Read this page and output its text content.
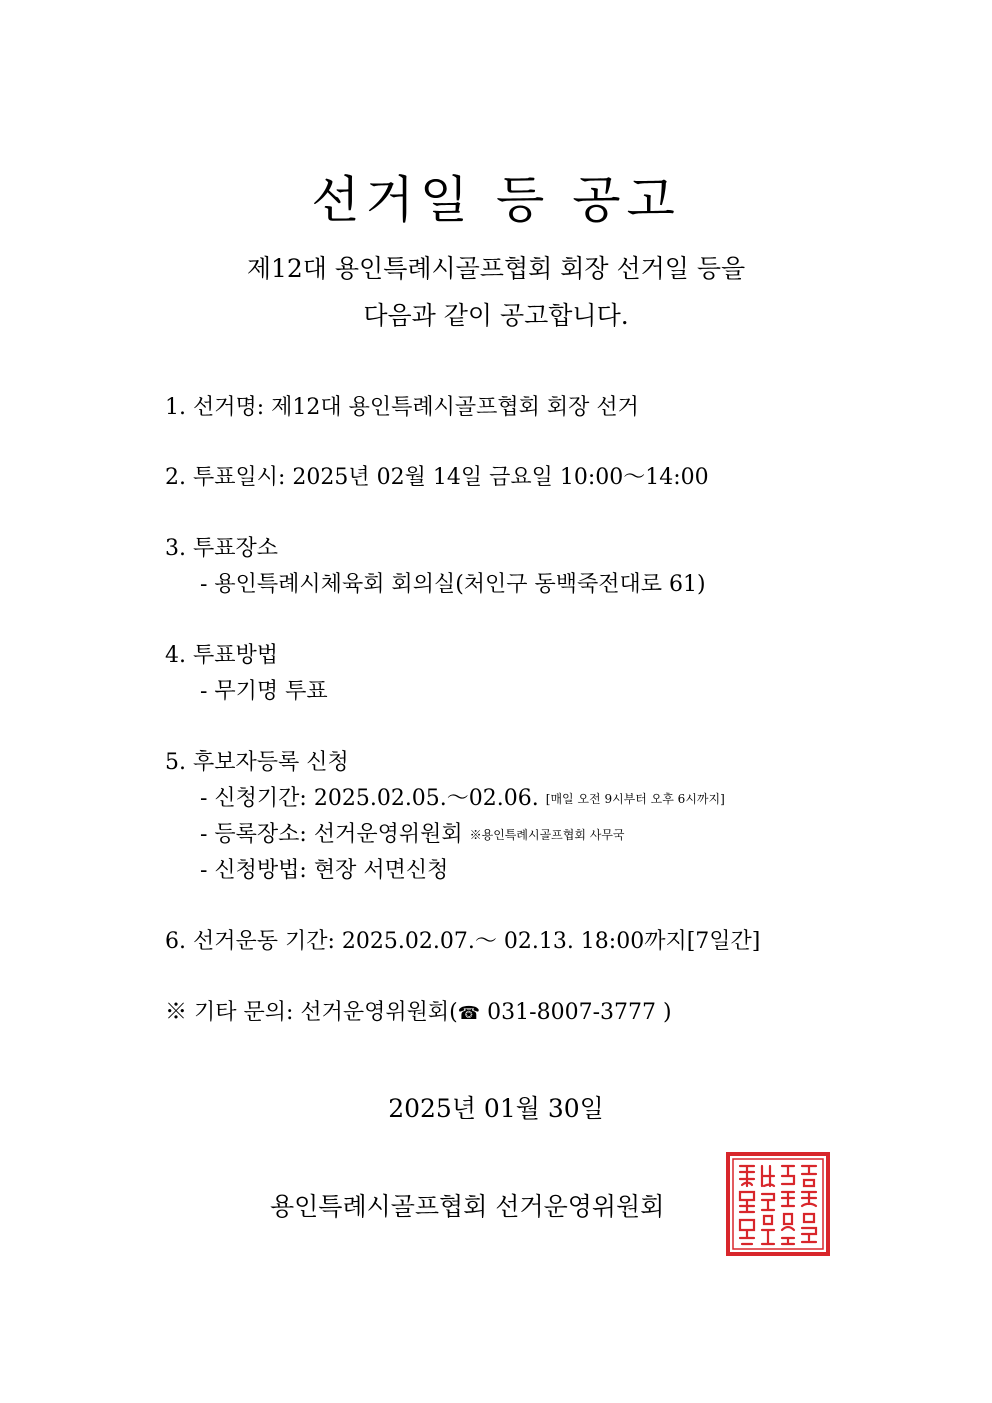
선거일 등 공고
제12대 용인특례시골프협회 회장 선거일 등을
다음과 같이 공고합니다.
1. 선거명: 제12대 용인특례시골프협회 회장 선거
2. 투표일시: 2025년 02월 14일 금요일 10:00～14:00
3. 투표장소
- 용인특례시체육회 회의실(처인구 동백죽전대로 61)
4. 투표방법
- 무기명 투표
5. 후보자등록 신청
- 신청기간: 2025.02.05.～02.06. [매일 오전 9시부터 오후 6시까지]
- 등록장소: 선거운영위원회 ※용인특례시골프협회 사무국
- 신청방법: 현장 서면신청
6. 선거운동 기간: 2025.02.07.～ 02.13. 18:00까지[7일간]
※ 기타 문의: 선거운영위원회(☎ 031-8007-3777 )
2025년 01월 30일
용인특례시골프협회 선거운영위원회
